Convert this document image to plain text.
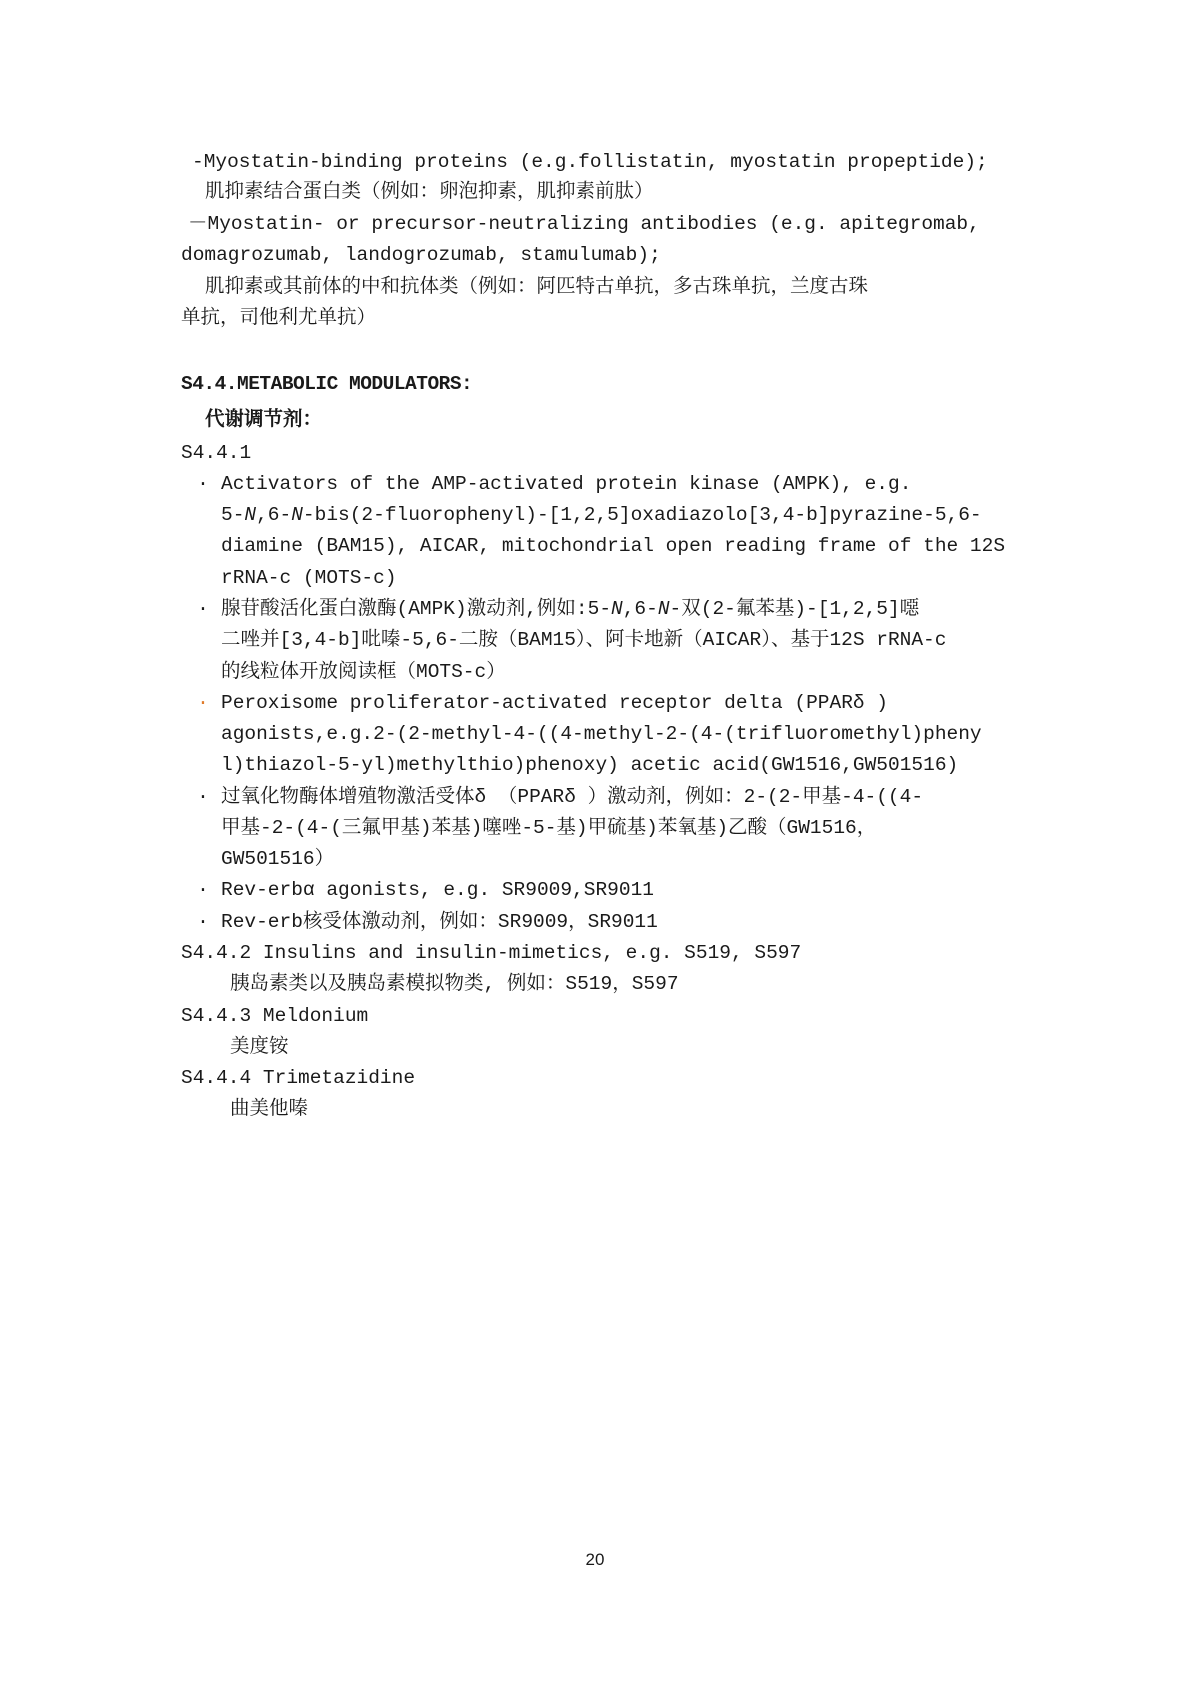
-Myostatin-binding proteins (e.g.follistatin, myostatin propeptide);
肌抑素结合蛋白类（例如：卵泡抑素，肌抑素前肽）
－Myostatin- or precursor-neutralizing antibodies (e.g. apitegromab,
domagrozumab, landogrozumab, stamulumab);
肌抑素或其前体的中和抗体类（例如：阿匹特古单抗，多古珠单抗，兰度古珠
单抗，司他利尤单抗）
S4.4.METABOLIC MODULATORS:
代谢调节剂：
S4.4.1
· Activators of the AMP-activated protein kinase (AMPK), e.g.
5-N,6-N-bis(2-fluorophenyl)-[1,2,5]oxadiazolo[3,4-b]pyrazine-5,6-
diamine (BAM15), AICAR, mitochondrial open reading frame of the 12S
rRNA-c (MOTS-c)
· 腺苷酸活化蛋白激酶(AMPK)激动剂,例如:5-N,6-N-双(2-氟苯基)-[1,2,5]噁
二唑并[3,4-b]吡嗪-5,6-二胺（BAM15）、阿卡地新（AICAR）、基于12S rRNA-c
的线粒体开放阅读框（MOTS-c）
· Peroxisome proliferator-activated receptor delta (PPARδ )
agonists,e.g.2-(2-methyl-4-((4-methyl-2-(4-(trifluoromethyl)pheny
l)thiazol-5-yl)methylthio)phenoxy) acetic acid(GW1516,GW501516)
· 过氧化物酶体增殖物激活受体δ （PPARδ ）激动剂，例如：2-(2-甲基-4-((4-
甲基-2-(4-(三氟甲基)苯基)噻唑-5-基)甲硫基)苯氧基)乙酸（GW1516，
GW501516）
· Rev-erbα agonists, e.g. SR9009,SR9011
· Rev-erb核受体激动剂，例如：SR9009，SR9011
S4.4.2 Insulins and insulin-mimetics, e.g. S519, S597
胰岛素类以及胰岛素模拟物类, 例如：S519，S597
S4.4.3 Meldonium
美度铵
S4.4.4 Trimetazidine
曲美他嗪
20
